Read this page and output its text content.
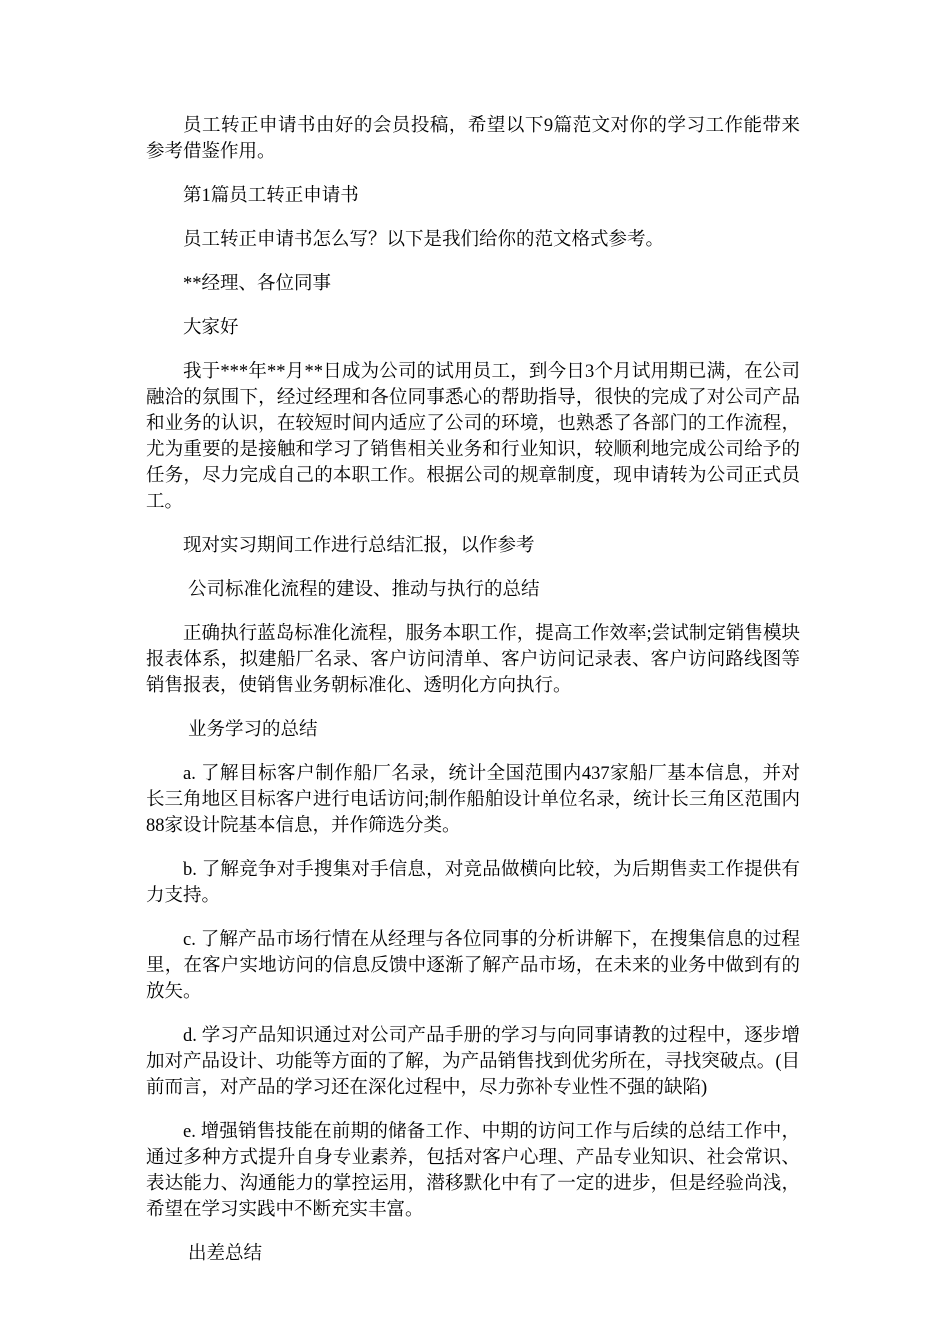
员工转正申请书由好的会员投稿，希望以下9篇范文对你的学习工作能带来参考借鉴作用。

第1篇员工转正申请书

员工转正申请书怎么写？以下是我们给你的范文格式参考。

**经理、各位同事

大家好

我于***年**月**日成为公司的试用员工，到今日3个月试用期已满，在公司融洽的氛围下，经过经理和各位同事悉心的帮助指导，很快的完成了对公司产品和业务的认识，在较短时间内适应了公司的环境，也熟悉了各部门的工作流程，尤为重要的是接触和学习了销售相关业务和行业知识，较顺利地完成公司给予的任务，尽力完成自己的本职工作。根据公司的规章制度，现申请转为公司正式员工。

现对实习期间工作进行总结汇报，以作参考

公司标准化流程的建设、推动与执行的总结

正确执行蓝岛标准化流程，服务本职工作，提高工作效率;尝试制定销售模块报表体系，拟建船厂名录、客户访问清单、客户访问记录表、客户访问路线图等销售报表，使销售业务朝标准化、透明化方向执行。

业务学习的总结

a. 了解目标客户制作船厂名录，统计全国范围内437家船厂基本信息，并对长三角地区目标客户进行电话访问;制作船舶设计单位名录，统计长三角区范围内88家设计院基本信息，并作筛选分类。

b. 了解竞争对手搜集对手信息，对竞品做横向比较，为后期售卖工作提供有力支持。

c. 了解产品市场行情在从经理与各位同事的分析讲解下，在搜集信息的过程里，在客户实地访问的信息反馈中逐渐了解产品市场，在未来的业务中做到有的放矢。

d. 学习产品知识通过对公司产品手册的学习与向同事请教的过程中，逐步增加对产品设计、功能等方面的了解，为产品销售找到优劣所在，寻找突破点。(目前而言，对产品的学习还在深化过程中，尽力弥补专业性不强的缺陷)

e. 增强销售技能在前期的储备工作、中期的访问工作与后续的总结工作中，通过多种方式提升自身专业素养，包括对客户心理、产品专业知识、社会常识、表达能力、沟通能力的掌控运用，潜移默化中有了一定的进步，但是经验尚浅，希望在学习实践中不断充实丰富。

出差总结
